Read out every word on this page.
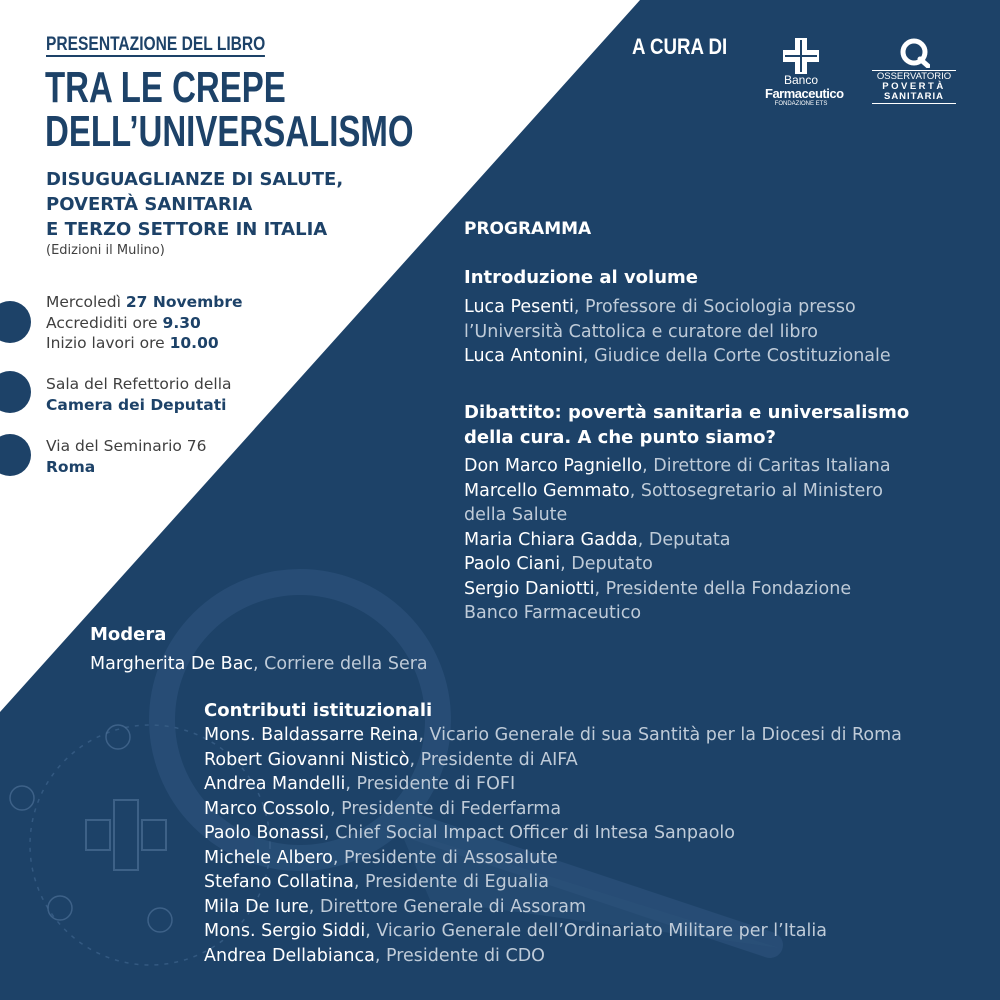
PRESENTAZIONE DEL LIBRO
TRA LE CREPE
DELL’UNIVERSALISMO
DISUGUAGLIANZE DI SALUTE,
POVERTÀ SANITARIA
E TERZO SETTORE IN ITALIA
(Edizioni il Mulino)
Mercoledì 27 Novembre
Accrediditi ore 9.30
Inizio lavori ore 10.00
Sala del Refettorio della
Camera dei Deputati
Via del Seminario 76
Roma
A CURA DI
Banco
Farmaceutico
FONDAZIONE ETS
OSSERVATORIO
POVERTÀ
SANITARIA
PROGRAMMA
Introduzione al volume
Luca Pesenti, Professore di Sociologia presso
l’Università Cattolica e curatore del libro
Luca Antonini, Giudice della Corte Costituzionale
Dibattito: povertà sanitaria e universalismo
della cura. A che punto siamo?
Don Marco Pagniello, Direttore di Caritas Italiana
Marcello Gemmato, Sottosegretario al Ministero
della Salute
Maria Chiara Gadda, Deputata
Paolo Ciani, Deputato
Sergio Daniotti, Presidente della Fondazione
Banco Farmaceutico
Modera
Margherita De Bac, Corriere della Sera
Contributi istituzionali
Mons. Baldassarre Reina, Vicario Generale di sua Santità per la Diocesi di Roma
Robert Giovanni Nisticò, Presidente di AIFA
Andrea Mandelli, Presidente di FOFI
Marco Cossolo, Presidente di Federfarma
Paolo Bonassi, Chief Social Impact Officer di Intesa Sanpaolo
Michele Albero, Presidente di Assosalute
Stefano Collatina, Presidente di Egualia
Mila De Iure, Direttore Generale di Assoram
Mons. Sergio Siddi, Vicario Generale dell’Ordinariato Militare per l’Italia
Andrea Dellabianca, Presidente di CDO
